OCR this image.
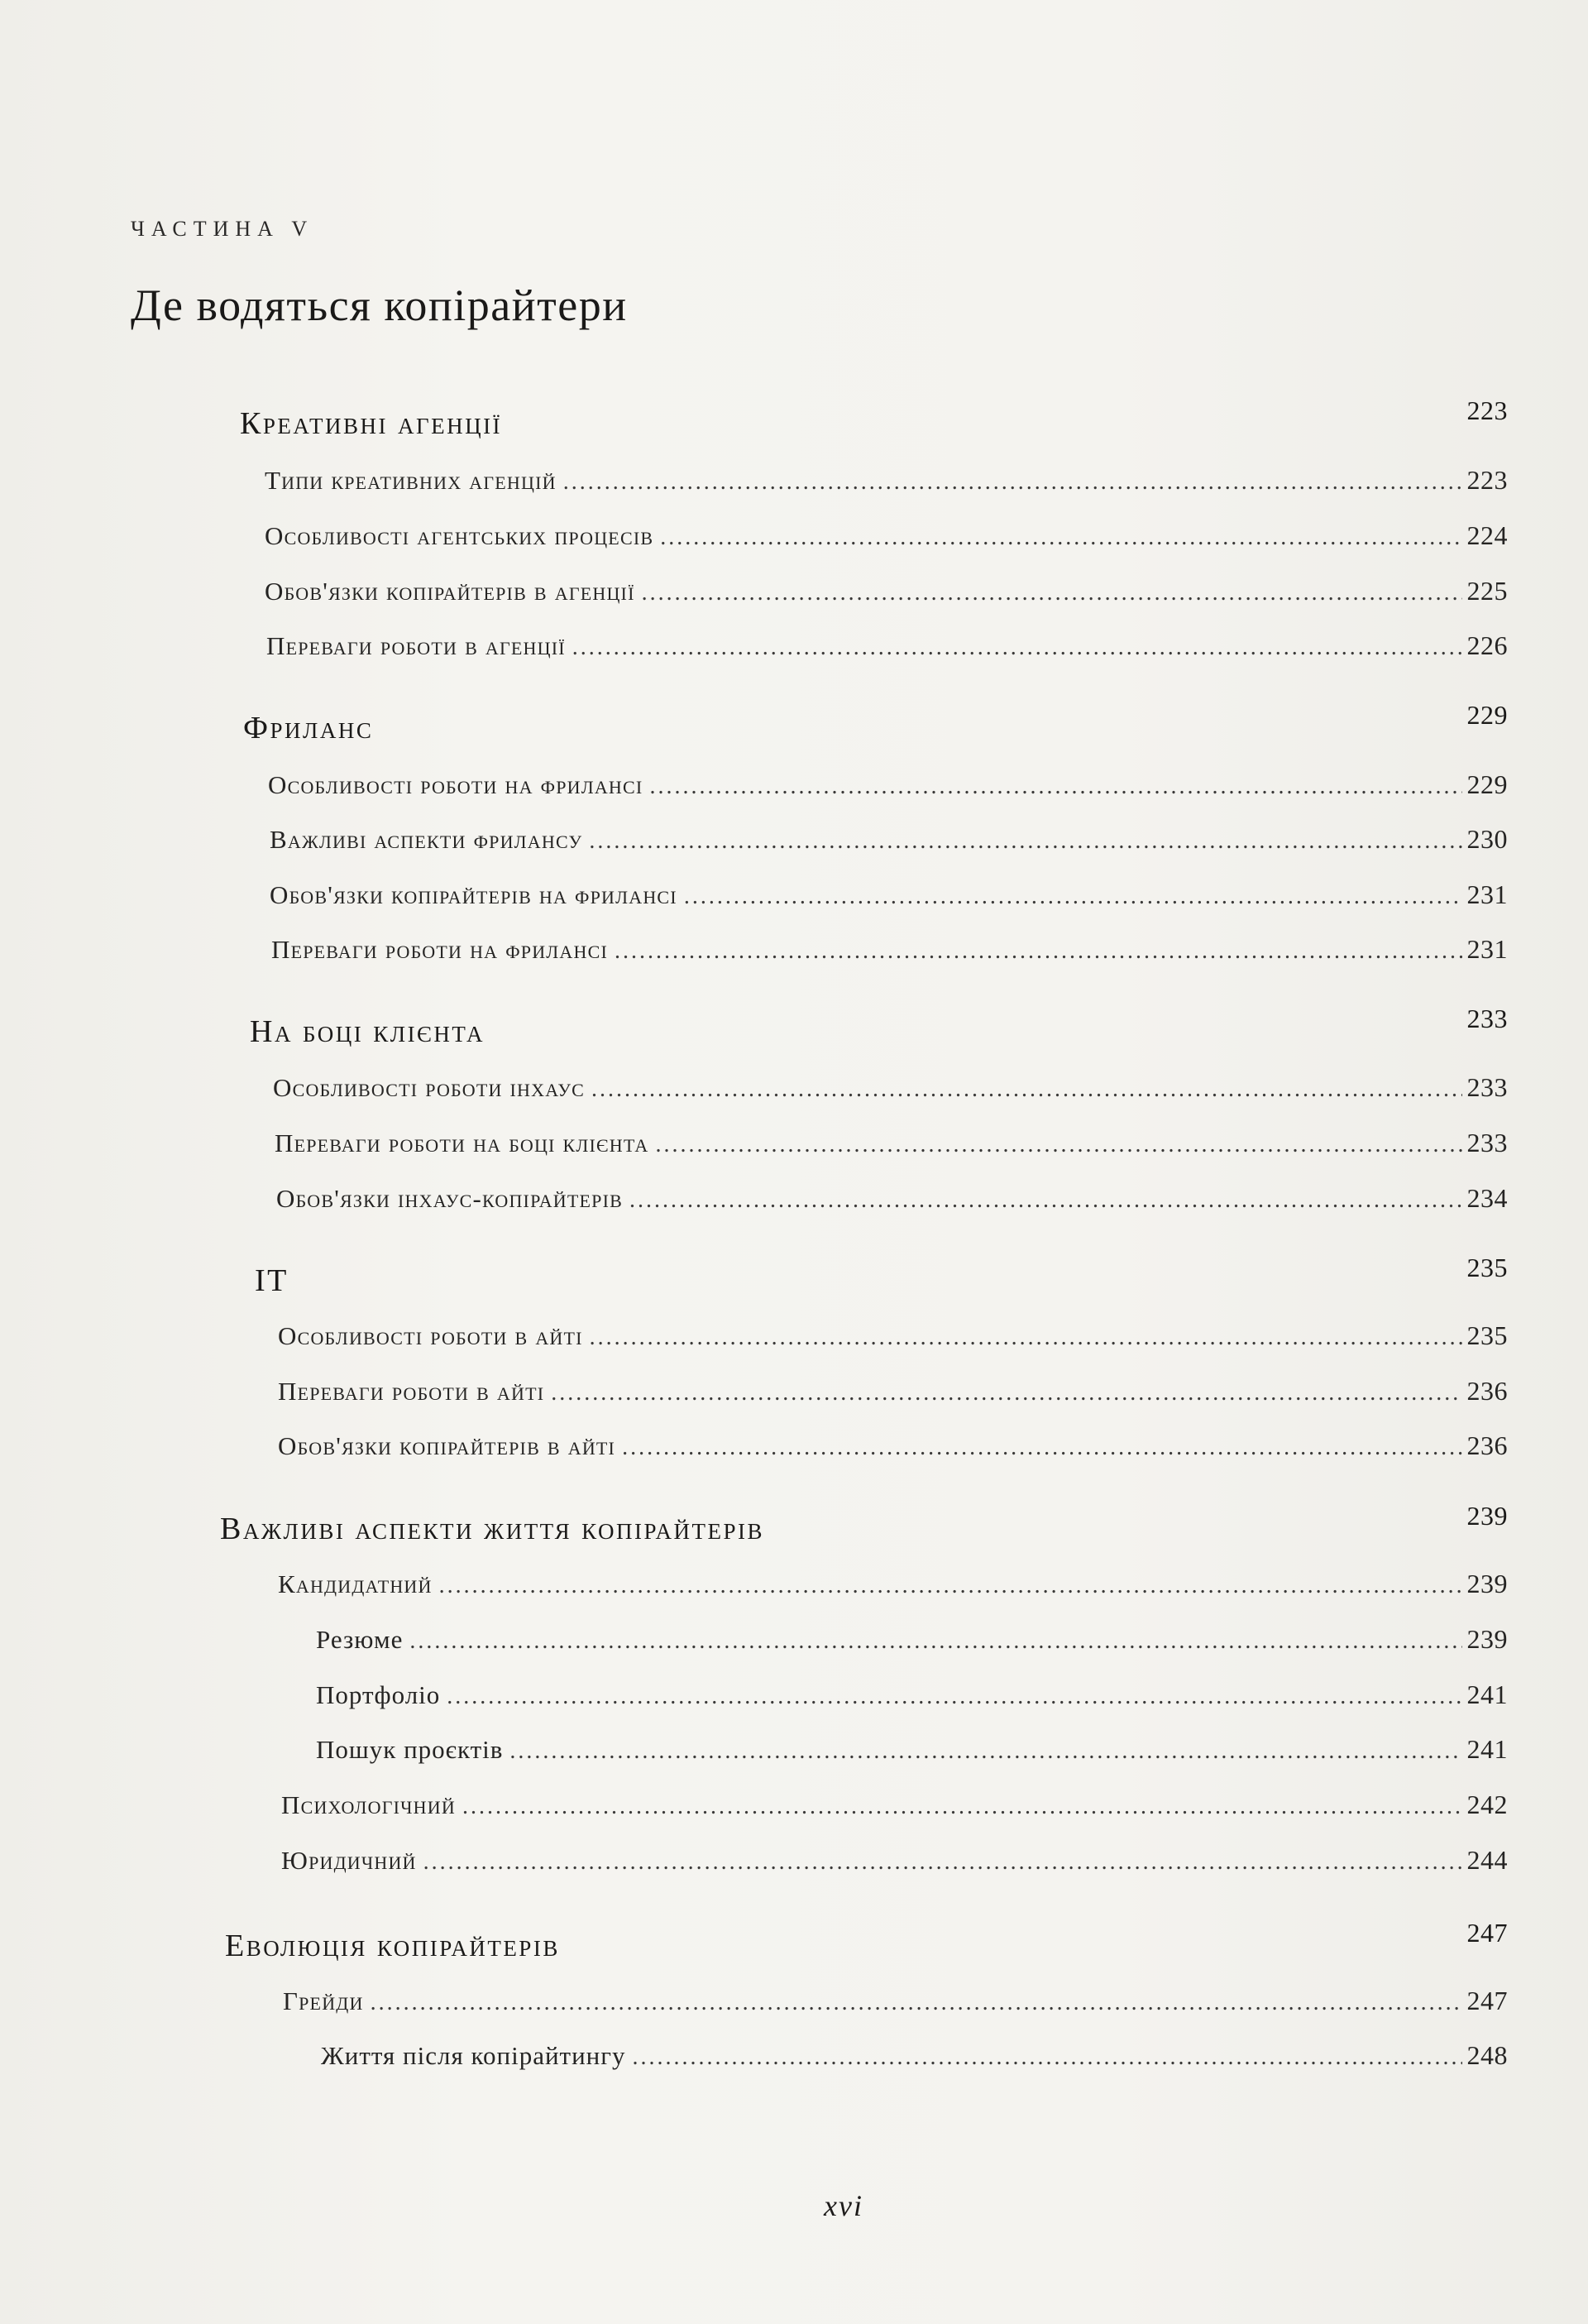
ЧАСТИНА V
Де водяться копірайтери
Креативні агенції	223
Типи креативних агенцій .....	223
Особливості агентських процесів .....	224
Обов'язки копірайтерів в агенції .....	225
Переваги роботи в агенції .....	226
Фриланс	229
Особливості роботи на фрилансі .....	229
Важливі аспекти фрилансу .....	230
Обов'язки копірайтерів на фрилансі .....	231
Переваги роботи на фрилансі .....	231
На боці клієнта	233
Особливості роботи інхаус .....	233
Переваги роботи на боці клієнта .....	233
Обов'язки інхаус-копірайтерів .....	234
IT	235
Особливості роботи в айті .....	235
Переваги роботи в айті .....	236
Обов'язки копірайтерів в айті .....	236
Важливі аспекти життя копірайтерів	239
Кандидатний .....	239
Резюме .....	239
Портфоліо .....	241
Пошук проєктів .....	241
Психологічний .....	242
Юридичний .....	244
Еволюція копірайтерів	247
Грейди .....	247
Життя після копірайтингу .....	248
xvi
